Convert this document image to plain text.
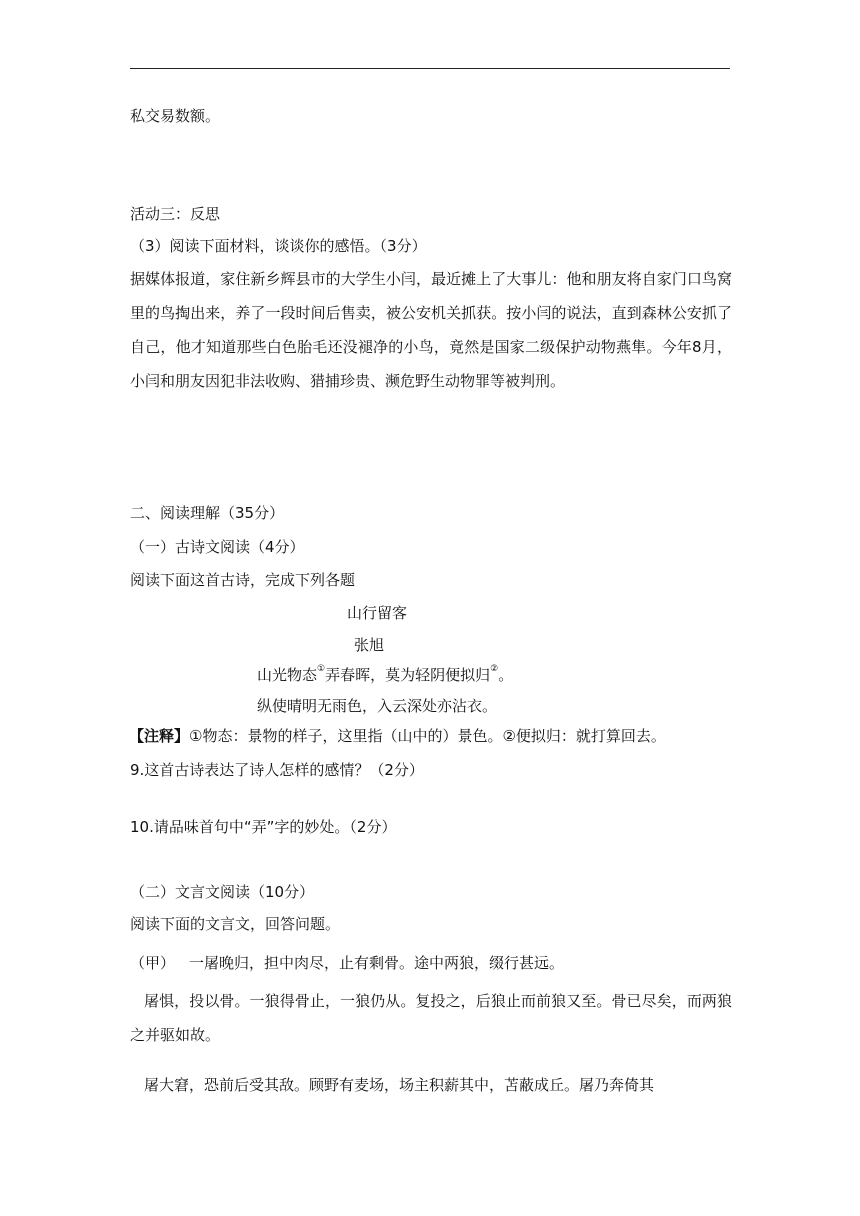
私交易数额。
活动三：反思
（3）阅读下面材料，谈谈你的感悟。（3分）
据媒体报道，家住新乡辉县市的大学生小闫，最近摊上了大事儿：他和朋友将自家门口鸟窝里的鸟掏出来，养了一段时间后售卖，被公安机关抓获。按小闫的说法，直到森林公安抓了自己，他才知道那些白色胎毛还没褪净的小鸟，竟然是国家二级保护动物燕隼。今年8月，小闫和朋友因犯非法收购、猎捕珍贵、濒危野生动物罪等被判刑。
二、阅读理解（35分）
（一）古诗文阅读（4分）
阅读下面这首古诗，完成下列各题
山行留客
张旭
山光物态①弄春晖，莫为轻阴便拟归②。
纵使晴明无雨色，入云深处亦沾衣。
【注释】①物态：景物的样子，这里指（山中的）景色。②便拟归：就打算回去。
9.这首古诗表达了诗人怎样的感情？（2分）
10.请品味首句中“弄”字的妙处。（2分）
（二）文言文阅读（10分）
阅读下面的文言文，回答问题。
（甲） 一屠晚归，担中肉尽，止有剩骨。途中两狼，缀行甚远。
屠惧，投以骨。一狼得骨止，一狼仍从。复投之，后狼止而前狼又至。骨已尽矣，而两狼之并驱如故。
屠大窘，恐前后受其敌。顾野有麦场，场主积薪其中，苫蔽成丘。屠乃奔倚其
